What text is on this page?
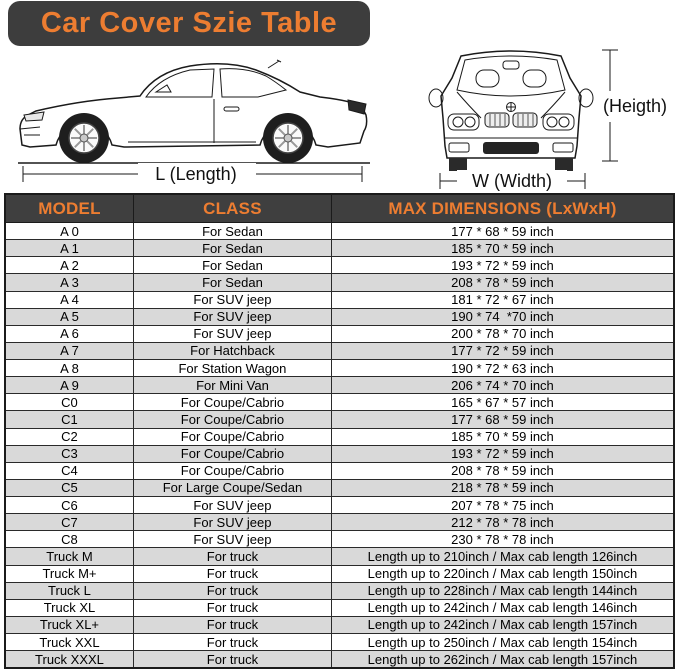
Car Cover Szie Table
L (Length)	W (Width)
(Heigth)
MODEL	CLASS	MAX DIMENSIONS (LxWxH)
A 0	For Sedan	177 * 68 * 59 inch
A 1	For Sedan	185 * 70 * 59 inch
A 2	For Sedan	193 * 72 * 59 inch
A 3	For Sedan	208 * 78 * 59 inch
A 4	For SUV jeep	181 * 72 * 67 inch
A 5	For SUV jeep	190 * 74  *70 inch
A 6	For SUV jeep	200 * 78 * 70 inch
A 7	For Hatchback	177 * 72 * 59 inch
A 8	For Station Wagon	190 * 72 * 63 inch
A 9	For Mini Van	206 * 74 * 70 inch
C0	For Coupe/Cabrio	165 * 67 * 57 inch
C1	For Coupe/Cabrio	177 * 68 * 59 inch
C2	For Coupe/Cabrio	185 * 70 * 59 inch
C3	For Coupe/Cabrio	193 * 72 * 59 inch
C4	For Coupe/Cabrio	208 * 78 * 59 inch
C5	For Large Coupe/Sedan	218 * 78 * 59 inch
C6	For SUV jeep	207 * 78 * 75 inch
C7	For SUV jeep	212 * 78 * 78 inch
C8	For SUV jeep	230 * 78 * 78 inch
Truck M	For truck	Length up to 210inch / Max cab length 126inch
Truck M+	For truck	Length up to 220inch / Max cab length 150inch
Truck L	For truck	Length up to 228inch / Max cab length 144inch
Truck XL	For truck	Length up to 242inch / Max cab length 146inch
Truck XL+	For truck	Length up to 242inch / Max cab length 157inch
Truck XXL	For truck	Length up to 250inch / Max cab length 154inch
Truck XXXL	For truck	Length up to 262inch / Max cab length 157inch
